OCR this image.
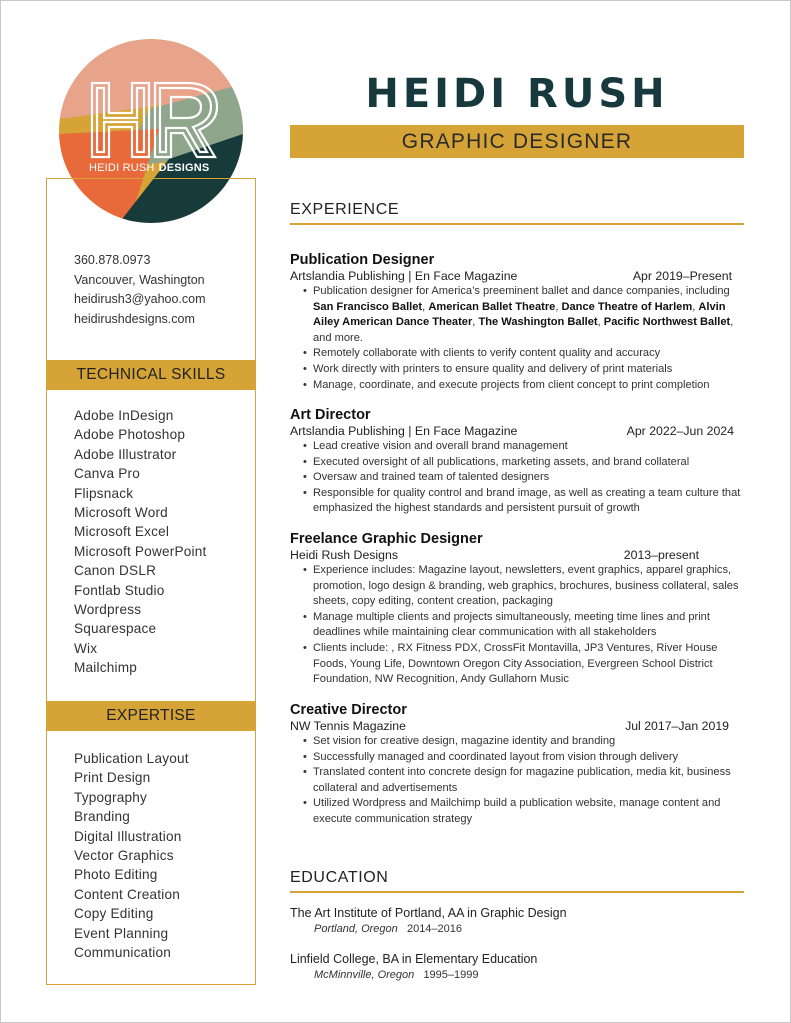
HEIDI RUSH DESIGNS
360.878.0973
Vancouver, Washington
heidirush3@yahoo.com
heidirushdesigns.com
TECHNICAL SKILLS
Adobe InDesign
Adobe Photoshop
Adobe Illustrator
Canva Pro
Flipsnack
Microsoft Word
Microsoft Excel
Microsoft PowerPoint
Canon DSLR
Fontlab Studio
Wordpress
Squarespace
Wix
Mailchimp
EXPERTISE
Publication Layout
Print Design
Typography
Branding
Digital Illustration
Vector Graphics
Photo Editing
Content Creation
Copy Editing
Event Planning
Communication
HEIDI RUSH
GRAPHIC DESIGNER
EXPERIENCE
Publication Designer
Artslandia Publishing | En Face Magazine	Apr 2019–Present
• Publication designer for America’s preeminent ballet and dance companies, including San Francisco Ballet, American Ballet Theatre, Dance Theatre of Harlem, Alvin Ailey American Dance Theater, The Washington Ballet, Pacific Northwest Ballet, and more.
• Remotely collaborate with clients to verify content quality and accuracy
• Work directly with printers to ensure quality and delivery of print materials
• Manage, coordinate, and execute projects from client concept to print completion
Art Director
Artslandia Publishing | En Face Magazine	Apr 2022–Jun 2024
• Lead creative vision and overall brand management
• Executed oversight of all publications, marketing assets, and brand collateral
• Oversaw and trained team of talented designers
• Responsible for quality control and brand image, as well as creating a team culture that emphasized the highest standards and persistent pursuit of growth
Freelance Graphic Designer
Heidi Rush Designs	2013–present
• Experience includes: Magazine layout, newsletters, event graphics, apparel graphics, promotion, logo design & branding, web graphics, brochures, business collateral, sales sheets, copy editing, content creation, packaging
• Manage multiple clients and projects simultaneously, meeting time lines and print deadlines while maintaining clear communication with all stakeholders
• Clients include: , RX Fitness PDX, CrossFit Montavilla, JP3 Ventures, River House Foods, Young Life, Downtown Oregon City Association, Evergreen School District Foundation, NW Recognition, Andy Gullahorn Music
Creative Director
NW Tennis Magazine	Jul 2017–Jan 2019
• Set vision for creative design, magazine identity and branding
• Successfully managed and coordinated layout from vision through delivery
• Translated content into concrete design for magazine publication, media kit, business collateral and advertisements
• Utilized Wordpress and Mailchimp build a publication website, manage content and execute communication strategy
EDUCATION
The Art Institute of Portland, AA in Graphic Design
Portland, Oregon 2014–2016
Linfield College, BA in Elementary Education
McMinnville, Oregon 1995–1999
